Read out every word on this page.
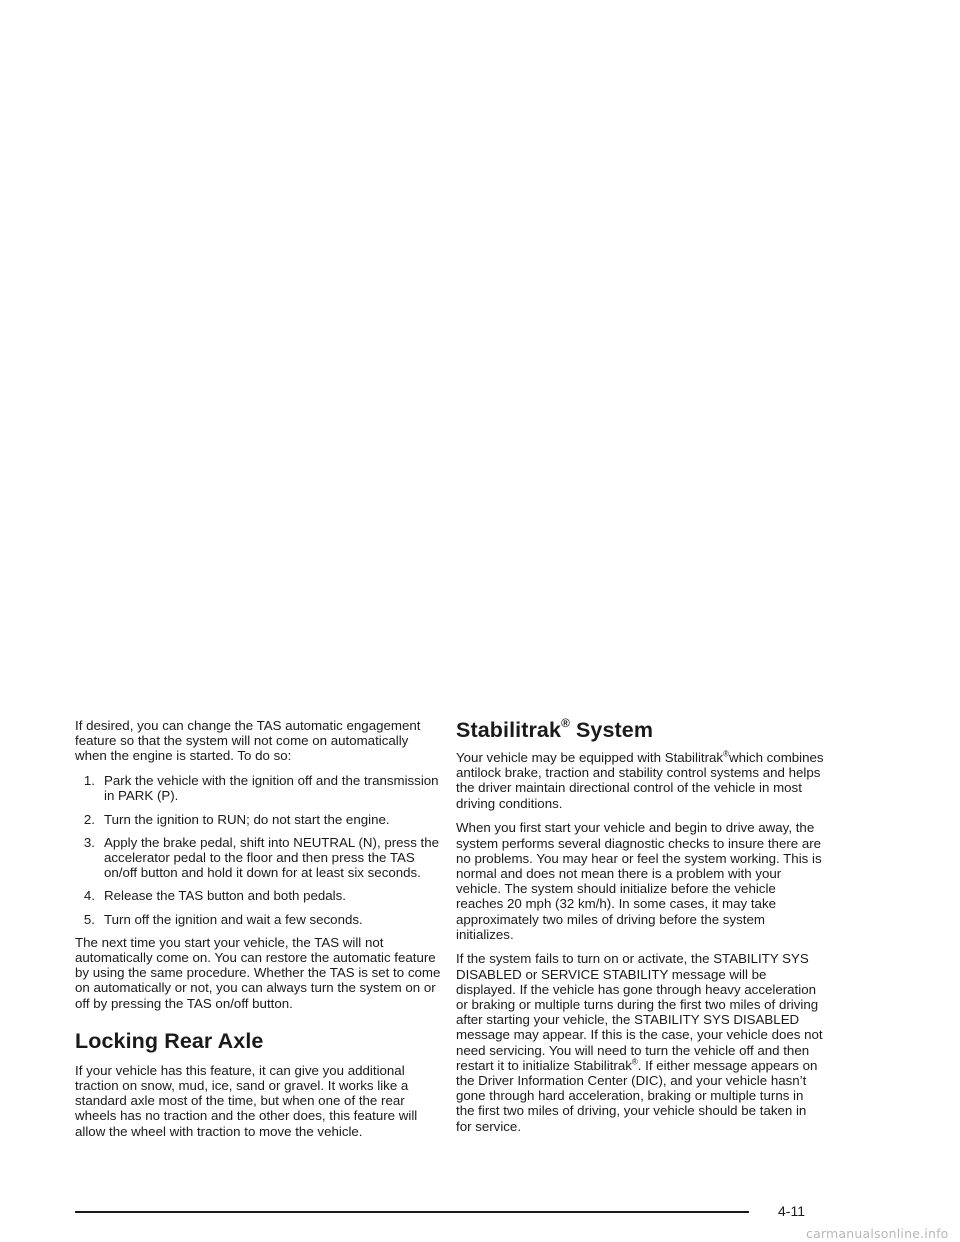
If desired, you can change the TAS automatic engagement feature so that the system will not come on automatically when the engine is started. To do so:

1. Park the vehicle with the ignition off and the transmission in PARK (P).
2. Turn the ignition to RUN; do not start the engine.
3. Apply the brake pedal, shift into NEUTRAL (N), press the accelerator pedal to the floor and then press the TAS on/off button and hold it down for at least six seconds.
4. Release the TAS button and both pedals.
5. Turn off the ignition and wait a few seconds.

The next time you start your vehicle, the TAS will not automatically come on. You can restore the automatic feature by using the same procedure. Whether the TAS is set to come on automatically or not, you can always turn the system on or off by pressing the TAS on/off button.

Locking Rear Axle

If your vehicle has this feature, it can give you additional traction on snow, mud, ice, sand or gravel. It works like a standard axle most of the time, but when one of the rear wheels has no traction and the other does, this feature will allow the wheel with traction to move the vehicle.

Stabilitrak® System

Your vehicle may be equipped with Stabilitrak®which combines antilock brake, traction and stability control systems and helps the driver maintain directional control of the vehicle in most driving conditions.

When you first start your vehicle and begin to drive away, the system performs several diagnostic checks to insure there are no problems. You may hear or feel the system working. This is normal and does not mean there is a problem with your vehicle. The system should initialize before the vehicle reaches 20 mph (32 km/h). In some cases, it may take approximately two miles of driving before the system initializes.

If the system fails to turn on or activate, the STABILITY SYS DISABLED or SERVICE STABILITY message will be displayed. If the vehicle has gone through heavy acceleration or braking or multiple turns during the first two miles of driving after starting your vehicle, the STABILITY SYS DISABLED message may appear. If this is the case, your vehicle does not need servicing. You will need to turn the vehicle off and then restart it to initialize Stabilitrak®. If either message appears on the Driver Information Center (DIC), and your vehicle hasn’t gone through hard acceleration, braking or multiple turns in the first two miles of driving, your vehicle should be taken in for service.

4-11
carmanualsonline.info
